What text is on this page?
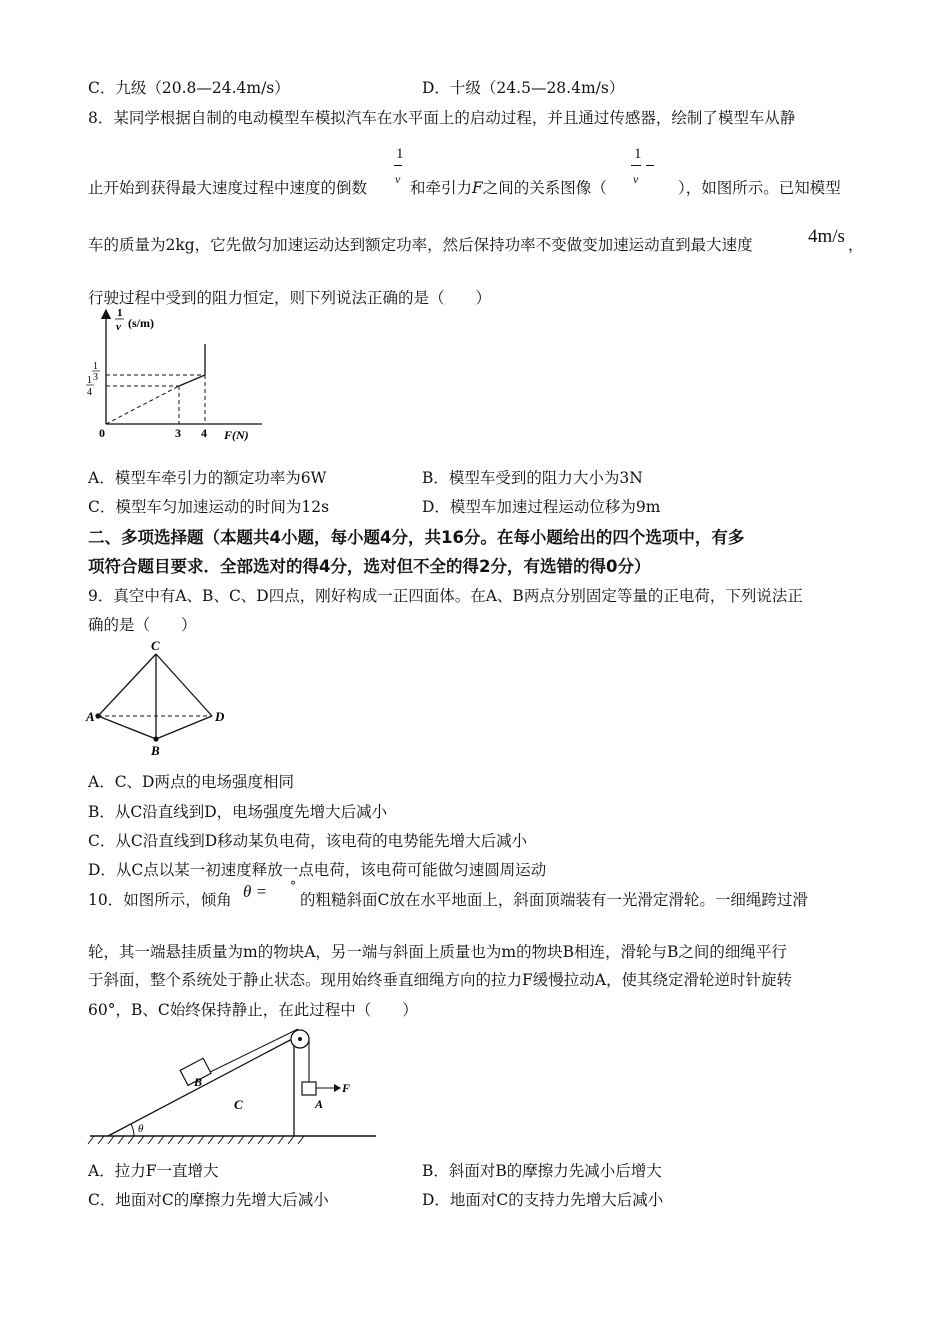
C．九级（20.8—24.4m/s）	D．十级（24.5—28.4m/s）
8．某同学根据自制的电动模型车模拟汽车在水平面上的启动过程，并且通过传感器，绘制了模型车从静
止开始到获得最大速度过程中速度的倒数
1
v 和牵引力F之间的关系图像（
1
v	），如图所示。已知模型
车的质量为2kg，它先做匀加速运动达到额定功率，然后保持功率不变做变加速运动直到最大速度	4m/s ，
行驶过程中受到的阻力恒定，则下列说法正确的是（　　）
1
v (s/m)
1
3
1
4
0	3 4 F(N)
A．模型车牵引力的额定功率为6W	B．模型车受到的阻力大小为3N
C．模型车匀加速运动的时间为12s	D．模型车加速过程运动位移为9m
二、多项选择题（本题共4小题，每小题4分，共16分。在每小题给出的四个选项中，有多
项符合题目要求．全部选对的得4分，选对但不全的得2分，有选错的得0分）
9．真空中有A、B、C、D四点，刚好构成一正四面体。在A、B两点分别固定等量的正电荷，下列说法正
确的是（　　）
C
A	D
B
A．C、D两点的电场强度相同
B．从C沿直线到D，电场强度先增大后减小
C．从C沿直线到D移动某负电荷，该电荷的电势能先增大后减小
D．从C点以某一初速度释放一点电荷，该电荷可能做匀速圆周运动
10．如图所示，倾角 θ = °
的粗糙斜面C放在水平地面上，斜面顶端装有一光滑定滑轮。一细绳跨过滑
轮，其一端悬挂质量为m的物块A，另一端与斜面上质量也为m的物块B相连，滑轮与B之间的细绳平行
于斜面，整个系统处于静止状态。现用始终垂直细绳方向的拉力F缓慢拉动A，使其绕定滑轮逆时针旋转
60°，B、C始终保持静止，在此过程中（　　）
θ
B
C	A
F
A．拉力F一直增大	B．斜面对B的摩擦力先减小后增大
C．地面对C的摩擦力先增大后减小	D．地面对C的支持力先增大后减小
